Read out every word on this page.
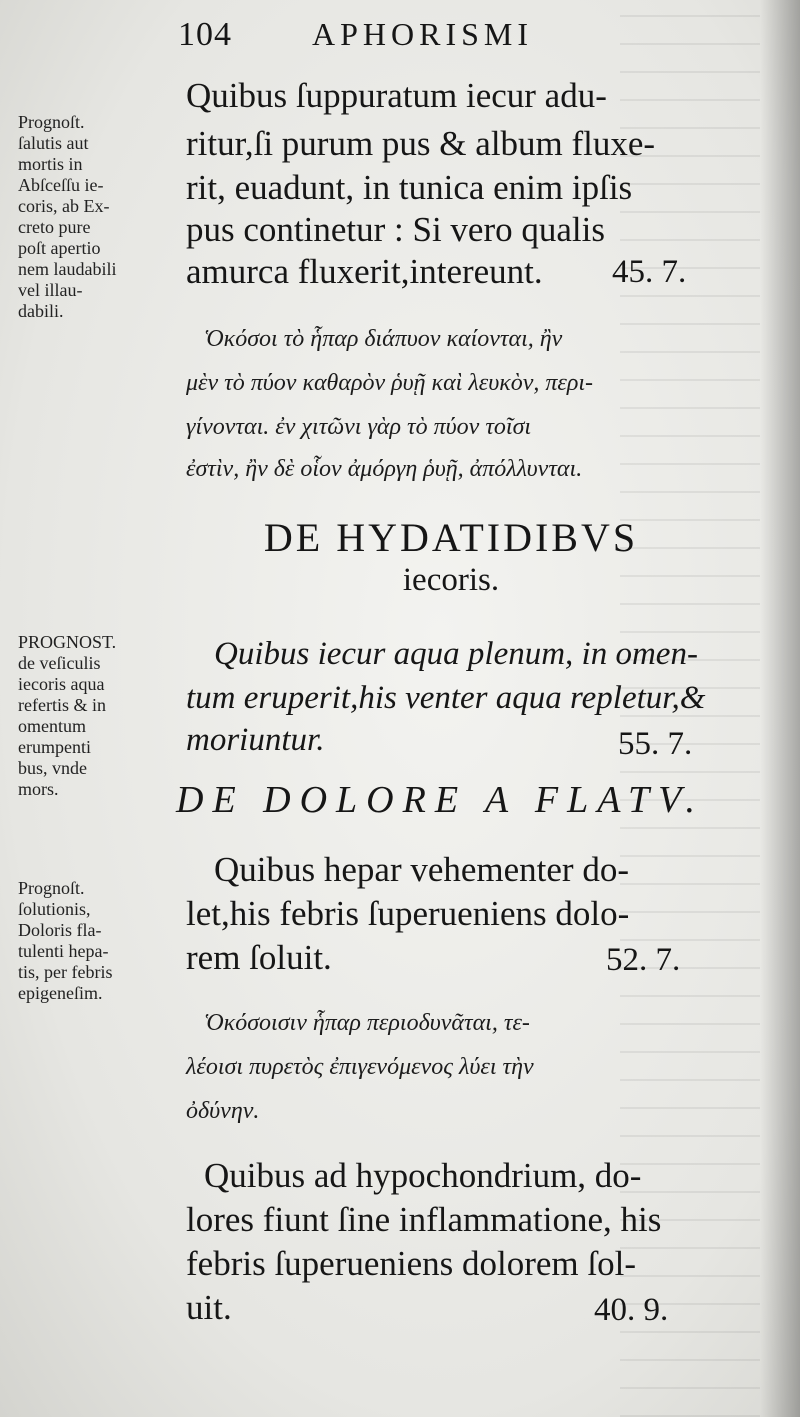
104	APHORISMI
Prognoſt.
ſalutis aut
mortis in
Abſceſſu ie-
coris, ab Ex-
creto pure
poſt apertio
nem laudabili
vel illau-
dabili.
PROGNOST.
de veſiculis
iecoris aqua
refertis & in
omentum
erumpenti
bus, vnde
mors.
Prognoſt.
ſolutionis,
Doloris fla-
tulenti hepa-
tis, per febris
epigeneſim.
Quibus ſuppuratum iecur adu-
ritur,ſi purum pus & album fluxe-
rit, euadunt, in tunica enim ipſis
pus continetur : Si vero qualis
amurca fluxerit,intereunt. 45. 7.
Ὁκόσοι τὸ ἧπαρ διάπυον καίονται, ἢν
μὲν τὸ πύον καθαρὸν ῥυῇ καὶ λευκὸν, περι-
γίνονται. ἐν χιτῶνι γὰρ τὸ πύον τοῖσι
ἐστὶν, ἢν δὲ οἷον ἀμόργη ῥυῇ, ἀπόλλυνται.
DE HYDATIDIBVS
iecoris.
Quibus iecur aqua plenum, in omen-
tum eruperit,his venter aqua repletur,&
moriuntur.	55. 7.
DE DOLORE A FLATV.
Quibus hepar vehementer do-
let,his febris ſuperueniens dolo-
rem ſoluit.	52. 7.
Ὁκόσοισιν ἧπαρ περιοδυνᾶται, τε-
λέοισι πυρετὸς ἐπιγενόμενος λύει τὴν
ὀδύνην.
Quibus ad hypochondrium, do-
lores fiunt ſine inflammatione, his
febris ſuperueniens dolorem ſol-
uit.	40. 9.
